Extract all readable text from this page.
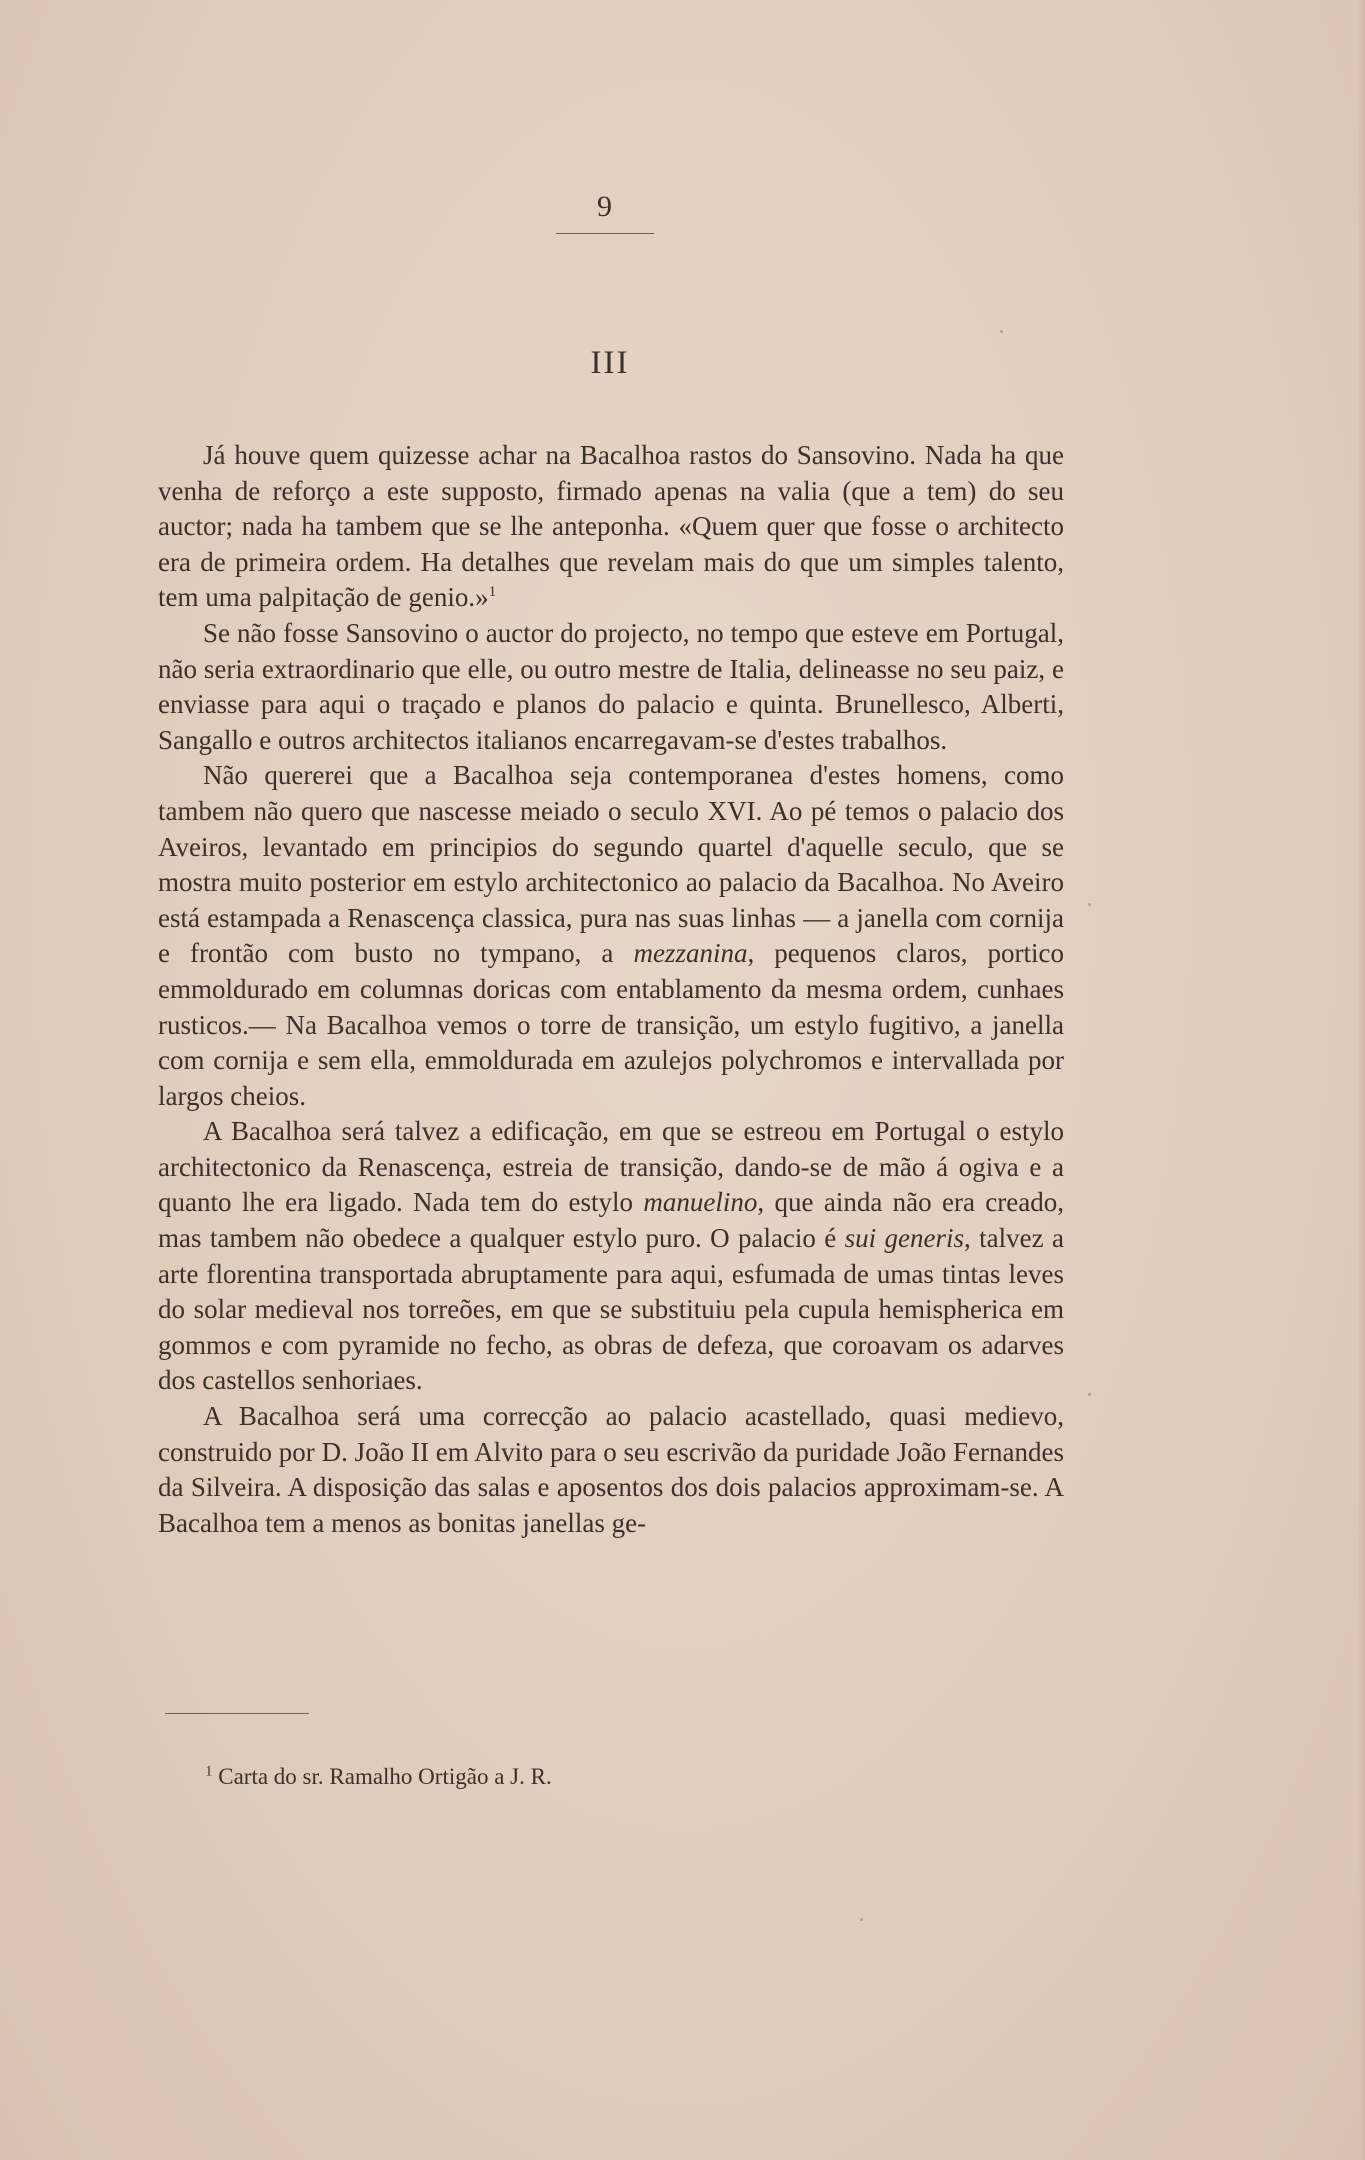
9
III

Já houve quem quizesse achar na Bacalhoa rastos do Sansovino. Nada ha que venha de reforço a este supposto, firmado apenas na valia (que a tem) do seu auctor; nada ha tambem que se lhe anteponha. «Quem quer que fosse o architecto era de primeira ordem. Ha detalhes que revelam mais do que um simples talento, tem uma palpitação de genio.»$^1$

Se não fosse Sansovino o auctor do projecto, no tempo que esteve em Portugal, não seria extraordinario que elle, ou outro mestre de Italia, delineasse no seu paiz, e enviasse para aqui o traçado e planos do palacio e quinta. Brunellesco, Alberti, Sangallo e outros architectos italianos encarregavam-se d'estes trabalhos.

Não quererei que a Bacalhoa seja contemporanea d'estes homens, como tambem não quero que nascesse meiado o seculo XVI. Ao pé temos o palacio dos Aveiros, levantado em principios do segundo quartel d'aquelle seculo, que se mostra muito posterior em estylo architectonico ao palacio da Bacalhoa. No Aveiro está estampada a Renascença classica, pura nas suas linhas — a janella com cornija e frontão com busto no tympano, a mezzanina, pequenos claros, portico emmoldurado em columnas doricas com entablamento da mesma ordem, cunhaes rusticos.— Na Bacalhoa vemos o torre de transição, um estylo fugitivo, a janella com cornija e sem ella, emmoldurada em azulejos polychromos e intervallada por largos cheios.

A Bacalhoa será talvez a edificação, em que se estreou em Portugal o estylo architectonico da Renascença, estreia de transição, dando-se de mão á ogiva e a quanto lhe era ligado. Nada tem do estylo manuelino, que ainda não era creado, mas tambem não obedece a qualquer estylo puro. O palacio é sui generis, talvez a arte florentina transportada abruptamente para aqui, esfumada de umas tintas leves do solar medieval nos torreões, em que se substituiu pela cupula hemispherica em gommos e com pyramide no fecho, as obras de defeza, que coroavam os adarves dos castellos senhoriaes.

A Bacalhoa será uma correcção ao palacio acastellado, quasi medievo, construido por D. João II em Alvito para o seu escrivão da puridade João Fernandes da Silveira. A disposição das salas e aposentos dos dois palacios approximam-se. A Bacalhoa tem a menos as bonitas janellas ge-

$^1$ Carta do sr. Ramalho Ortigão a J. R.
